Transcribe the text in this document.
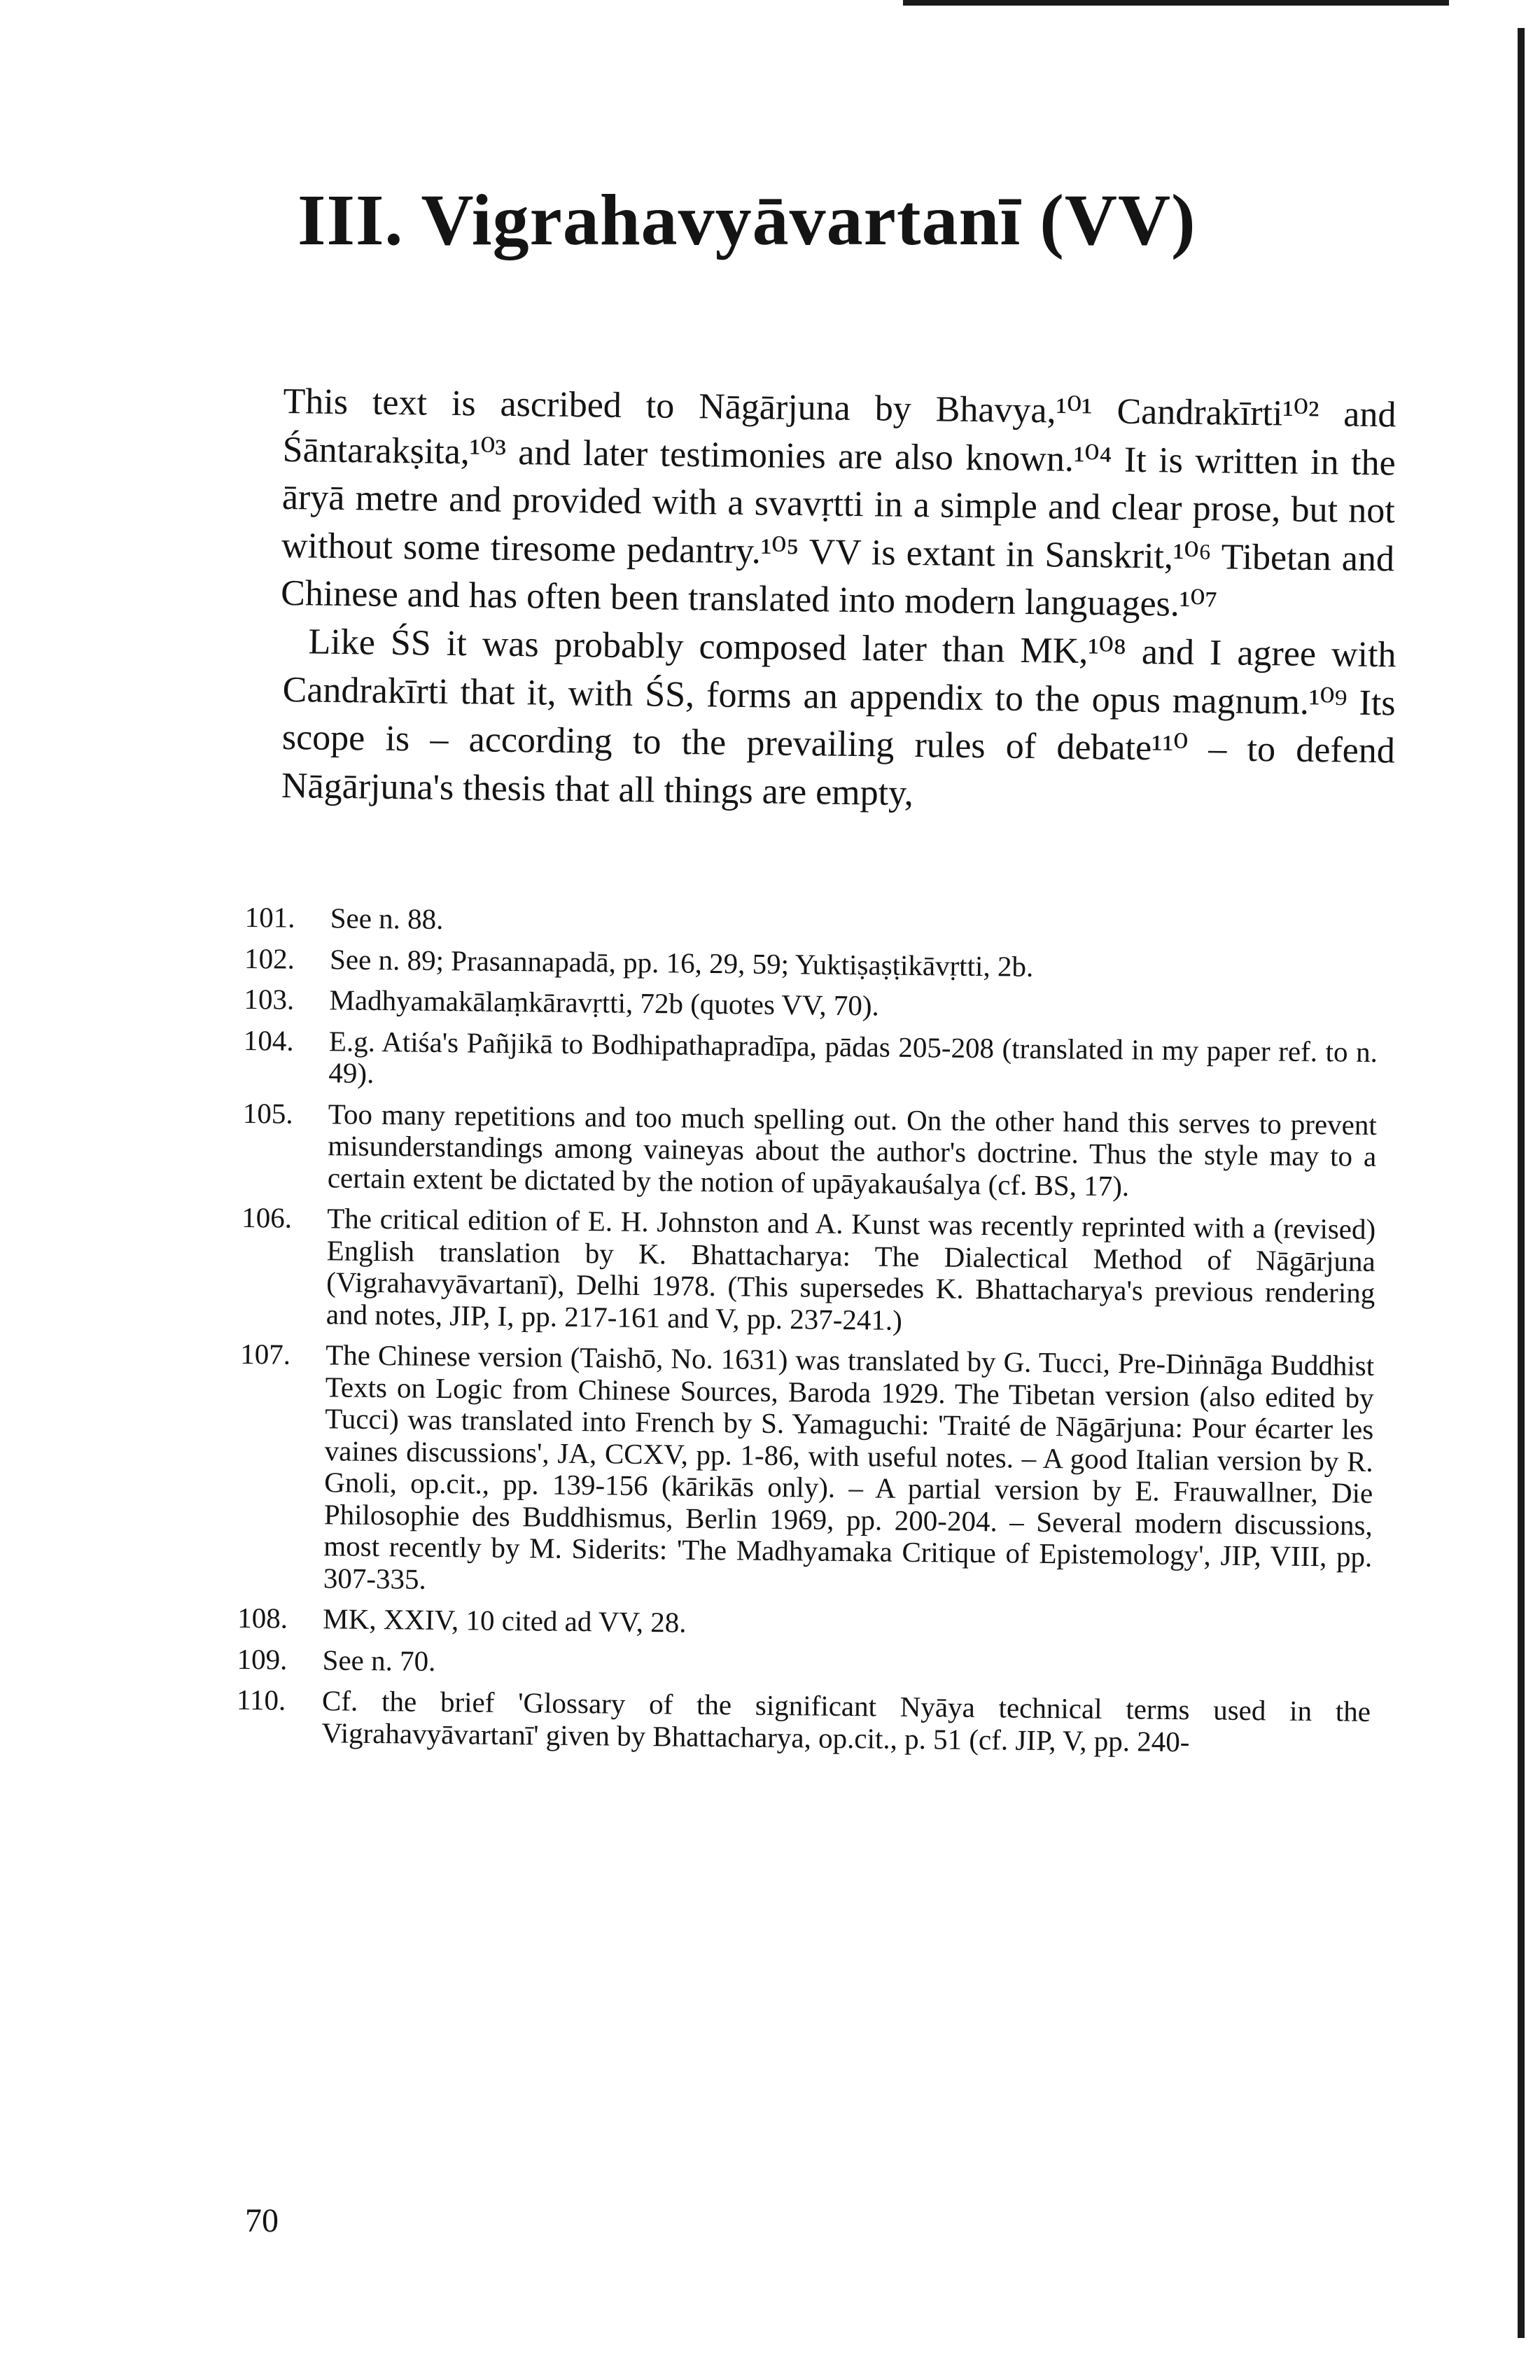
III. Vigrahavyāvartanī (VV)

This text is ascribed to Nāgārjuna by Bhavya,¹⁰¹ Candrakīrti¹⁰² and Śāntarakṣita,¹⁰³ and later testimonies are also known.¹⁰⁴ It is written in the āryā metre and provided with a svavṛtti in a simple and clear prose, but not without some tiresome pedantry.¹⁰⁵ VV is extant in Sanskrit,¹⁰⁶ Tibetan and Chinese and has often been translated into modern languages.¹⁰⁷

Like ŚS it was probably composed later than MK,¹⁰⁸ and I agree with Candrakīrti that it, with ŚS, forms an appendix to the opus magnum.¹⁰⁹ Its scope is – according to the prevailing rules of debate¹¹⁰ – to defend Nāgārjuna's thesis that all things are empty,

101.	See n. 88.
102.	See n. 89; Prasannapadā, pp. 16, 29, 59; Yuktiṣaṣṭikāvṛtti, 2b.
103.	Madhyamakālaṃkāravṛtti, 72b (quotes VV, 70).
104.	E.g. Atiśa's Pañjikā to Bodhipathapradīpa, pādas 205-208 (translated in my paper ref. to n. 49).
105.	Too many repetitions and too much spelling out. On the other hand this serves to prevent misunderstandings among vaineyas about the author's doctrine. Thus the style may to a certain extent be dictated by the notion of upāyakauśalya (cf. BS, 17).
106.	The critical edition of E. H. Johnston and A. Kunst was recently reprinted with a (revised) English translation by K. Bhattacharya: The Dialectical Method of Nāgārjuna (Vigrahavyāvartanī), Delhi 1978. (This supersedes K. Bhattacharya's previous rendering and notes, JIP, I, pp. 217-161 and V, pp. 237-241.)
107.	The Chinese version (Taishō, No. 1631) was translated by G. Tucci, Pre-Diṅnāga Buddhist Texts on Logic from Chinese Sources, Baroda 1929. The Tibetan version (also edited by Tucci) was translated into French by S. Yamaguchi: 'Traité de Nāgārjuna: Pour écarter les vaines discussions', JA, CCXV, pp. 1-86, with useful notes. – A good Italian version by R. Gnoli, op.cit., pp. 139-156 (kārikās only). – A partial version by E. Frauwallner, Die Philosophie des Buddhismus, Berlin 1969, pp. 200-204. – Several modern discussions, most recently by M. Siderits: 'The Madhyamaka Critique of Epistemology', JIP, VIII, pp. 307-335.
108.	MK, XXIV, 10 cited ad VV, 28.
109.	See n. 70.
110.	Cf. the brief 'Glossary of the significant Nyāya technical terms used in the Vigrahavyāvartanī' given by Bhattacharya, op.cit., p. 51 (cf. JIP, V, pp. 240-
70
